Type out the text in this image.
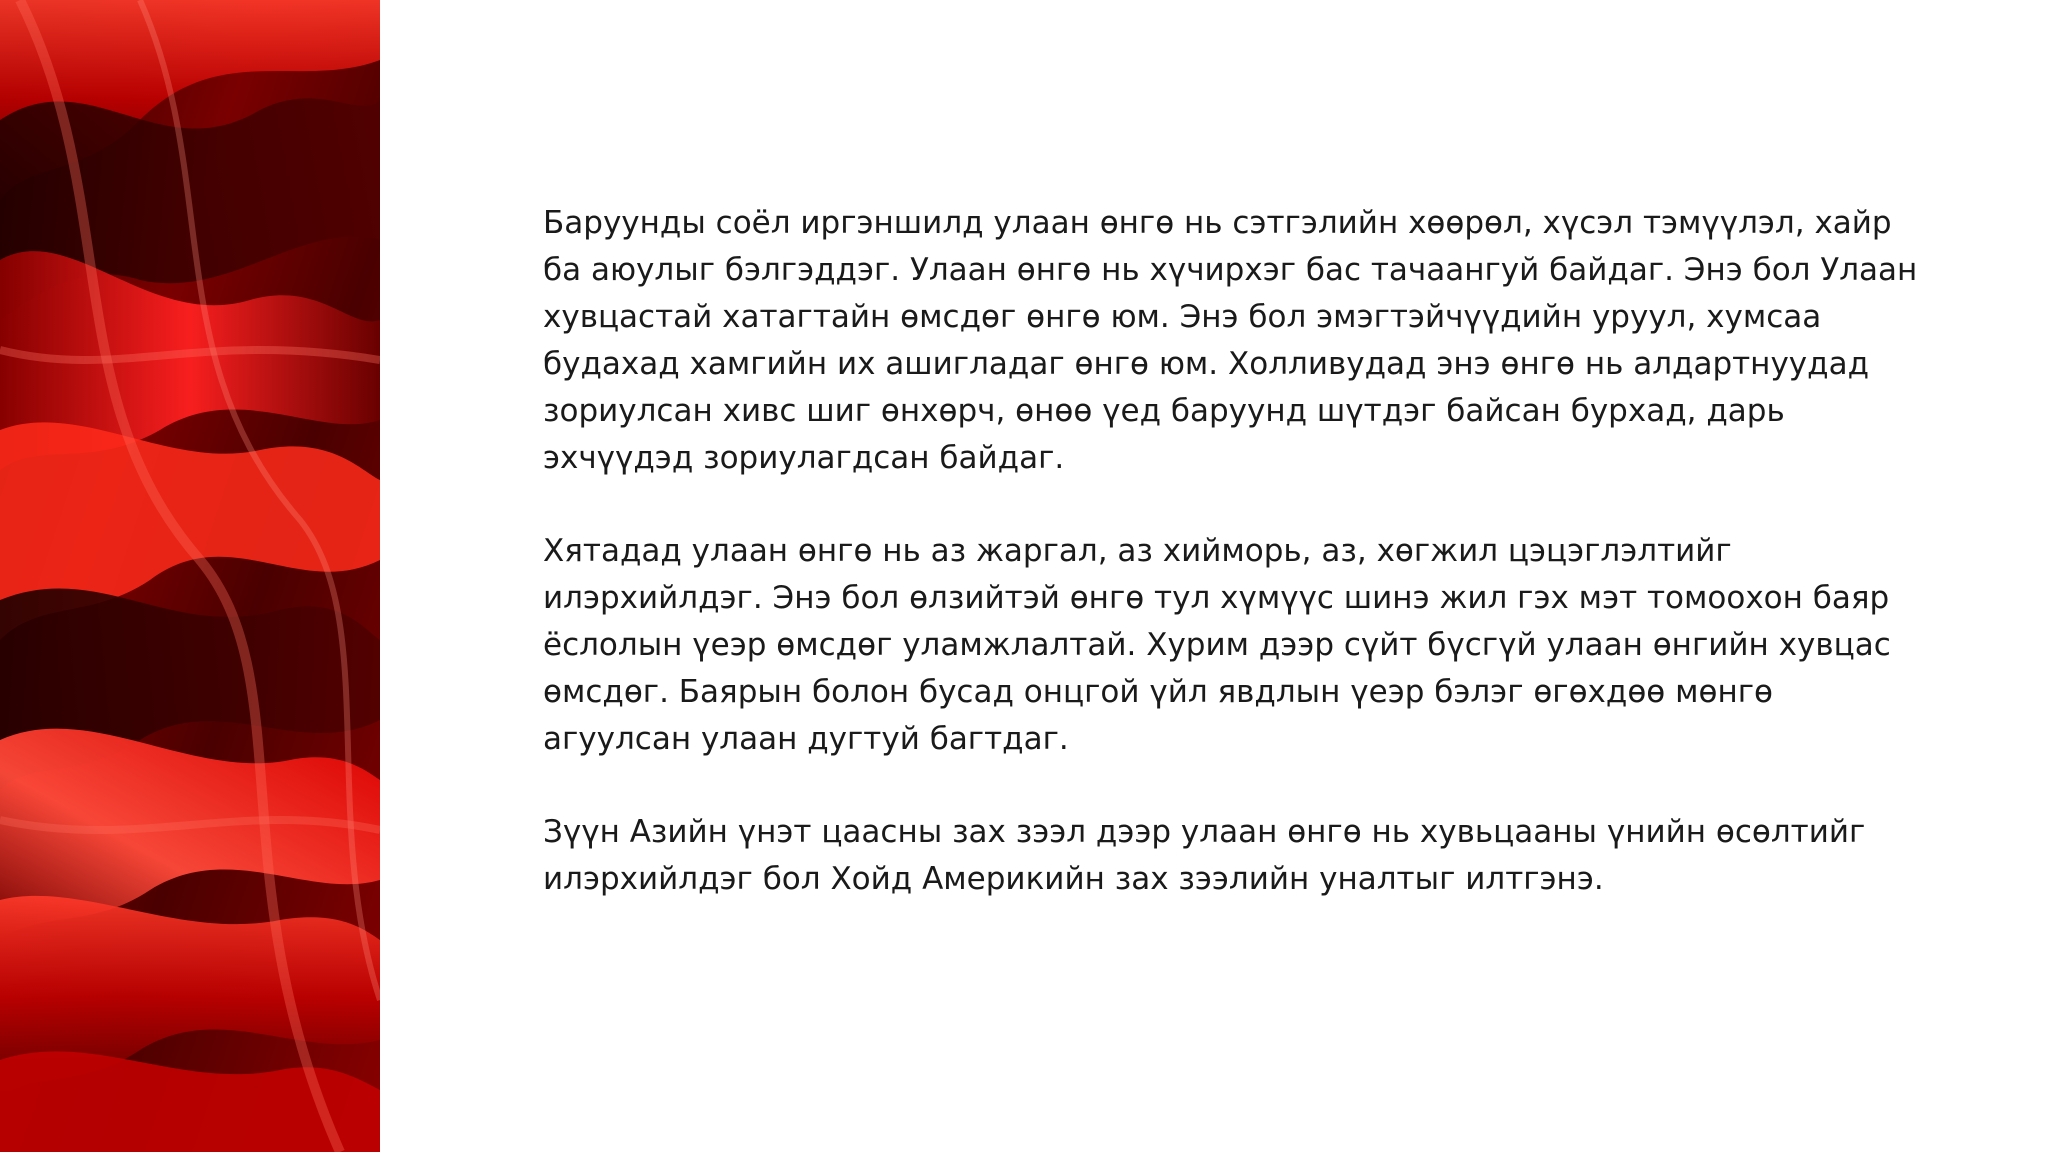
Баруунды соёл иргэншилд улаан өнгө нь сэтгэлийн хөөрөл, хүсэл тэмүүлэл, хайр ба аюулыг бэлгэддэг. Улаан өнгө нь хүчирхэг бас тачаангуй байдаг. Энэ бол Улаан хувцастай хатагтайн өмсдөг өнгө юм. Энэ бол эмэгтэйчүүдийн уруул, хумсаа будахад хамгийн их ашигладаг өнгө юм. Холливудад энэ өнгө нь алдартнуудад зориулсан хивс шиг өнхөрч, өнөө үед баруунд шүтдэг байсан бурхад, дарь эхчүүдэд зориулагдсан байдаг.

Хятадад улаан өнгө нь аз жаргал, аз хийморь, аз, хөгжил цэцэглэлтийг илэрхийлдэг. Энэ бол өлзийтэй өнгө тул хүмүүс шинэ жил гэх мэт томоохон баяр ёслолын үеэр өмсдөг уламжлалтай. Хурим дээр сүйт бүсгүй улаан өнгийн хувцас өмсдөг. Баярын болон бусад онцгой үйл явдлын үеэр бэлэг өгөхдөө мөнгө агуулсан улаан дугтуй багтдаг.

Зүүн Азийн үнэт цаасны зах зээл дээр улаан өнгө нь хувьцааны үнийн өсөлтийг илэрхийлдэг бол Хойд Америкийн зах зээлийн уналтыг илтгэнэ.
